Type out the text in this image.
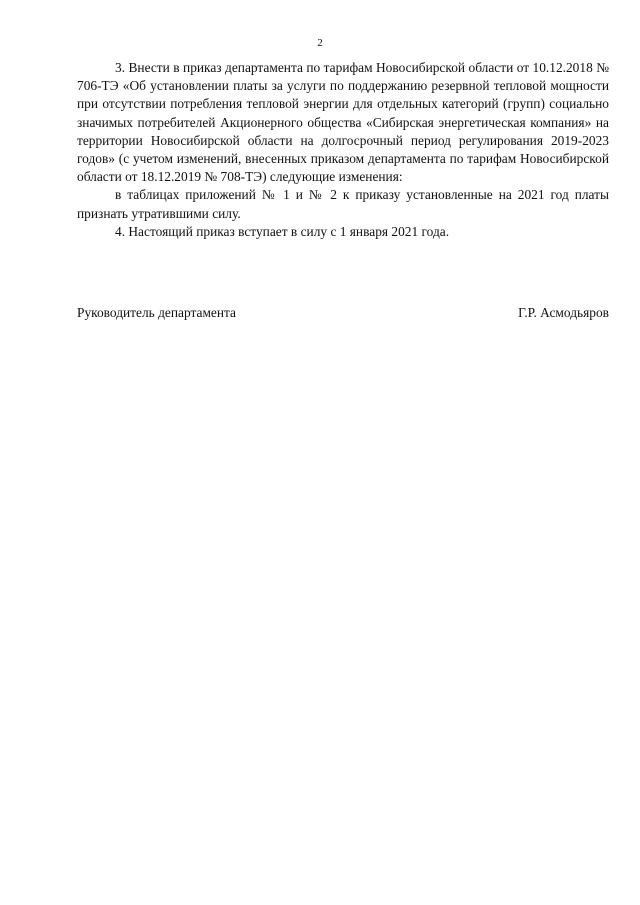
2

3. Внести в приказ департамента по тарифам Новосибирской области от 10.12.2018 № 706-ТЭ «Об установлении платы за услуги по поддержанию резервной тепловой мощности при отсутствии потребления тепловой энергии для отдельных категорий (групп) социально значимых потребителей Акционерного общества «Сибирская энергетическая компания» на территории Новосибирской области на долгосрочный период регулирования 2019-2023 годов» (с учетом изменений, внесенных приказом департамента по тарифам Новосибирской области от 18.12.2019 № 708-ТЭ) следующие изменения:

в таблицах приложений № 1 и № 2 к приказу установленные на 2021 год платы признать утратившими силу.

4. Настоящий приказ вступает в силу с 1 января 2021 года.

Руководитель департамента	Г.Р. Асмодьяров
